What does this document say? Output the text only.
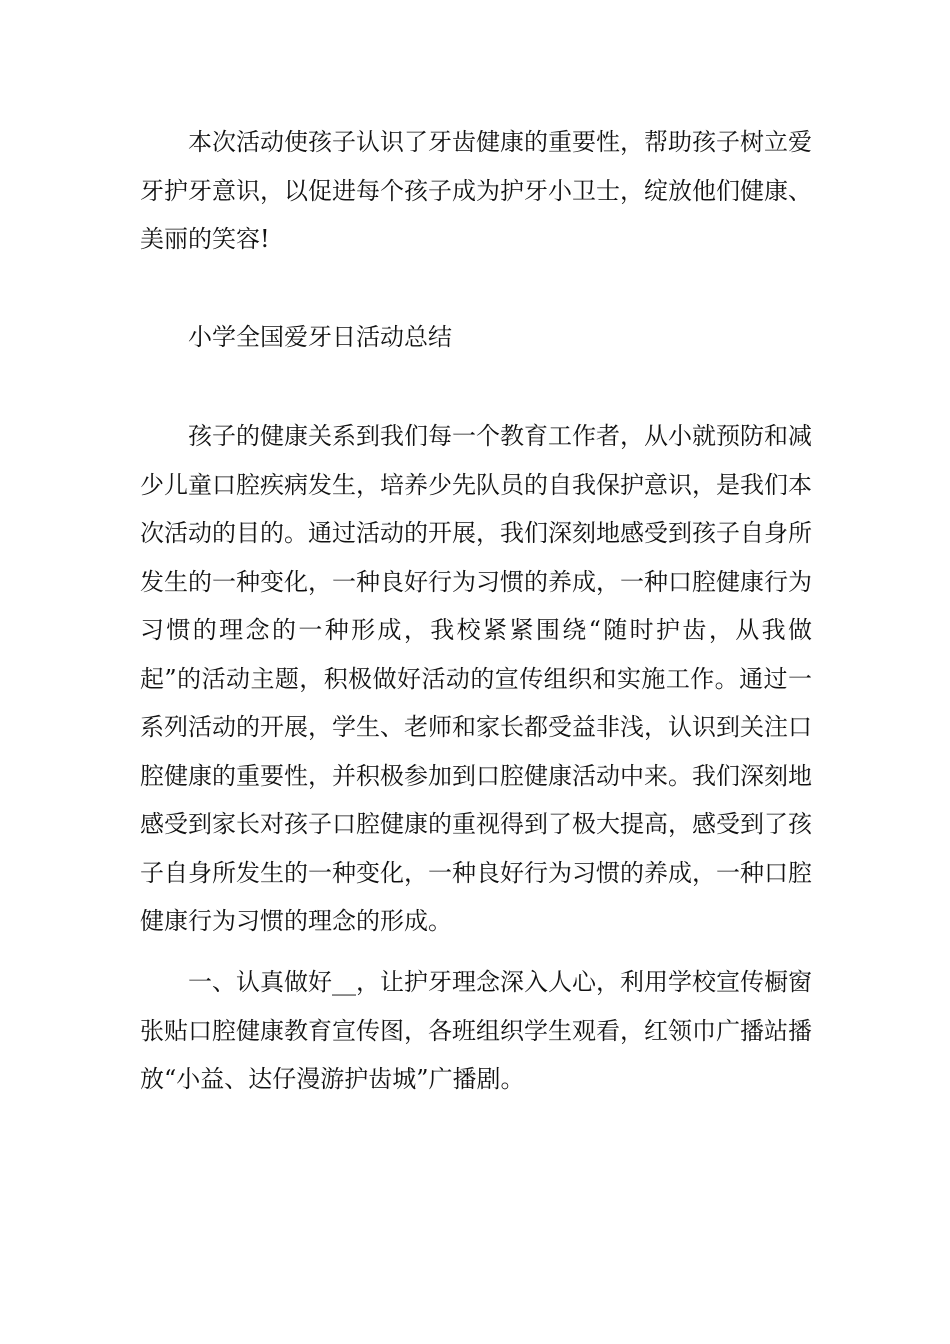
本次活动使孩子认识了牙齿健康的重要性，帮助孩子树立爱牙护牙意识，以促进每个孩子成为护牙小卫士，绽放他们健康、美丽的笑容!

小学全国爱牙日活动总结

孩子的健康关系到我们每一个教育工作者，从小就预防和减少儿童口腔疾病发生，培养少先队员的自我保护意识，是我们本次活动的目的。通过活动的开展，我们深刻地感受到孩子自身所发生的一种变化，一种良好行为习惯的养成，一种口腔健康行为习惯的理念的一种形成，我校紧紧围绕“随时护齿，从我做起”的活动主题，积极做好活动的宣传组织和实施工作。通过一系列活动的开展，学生、老师和家长都受益非浅，认识到关注口腔健康的重要性，并积极参加到口腔健康活动中来。我们深刻地感受到家长对孩子口腔健康的重视得到了极大提高，感受到了孩子自身所发生的一种变化，一种良好行为习惯的养成，一种口腔健康行为习惯的理念的形成。

一、认真做好__，让护牙理念深入人心，利用学校宣传橱窗张贴口腔健康教育宣传图，各班组织学生观看，红领巾广播站播放“小益、达仔漫游护齿城”广播剧。
